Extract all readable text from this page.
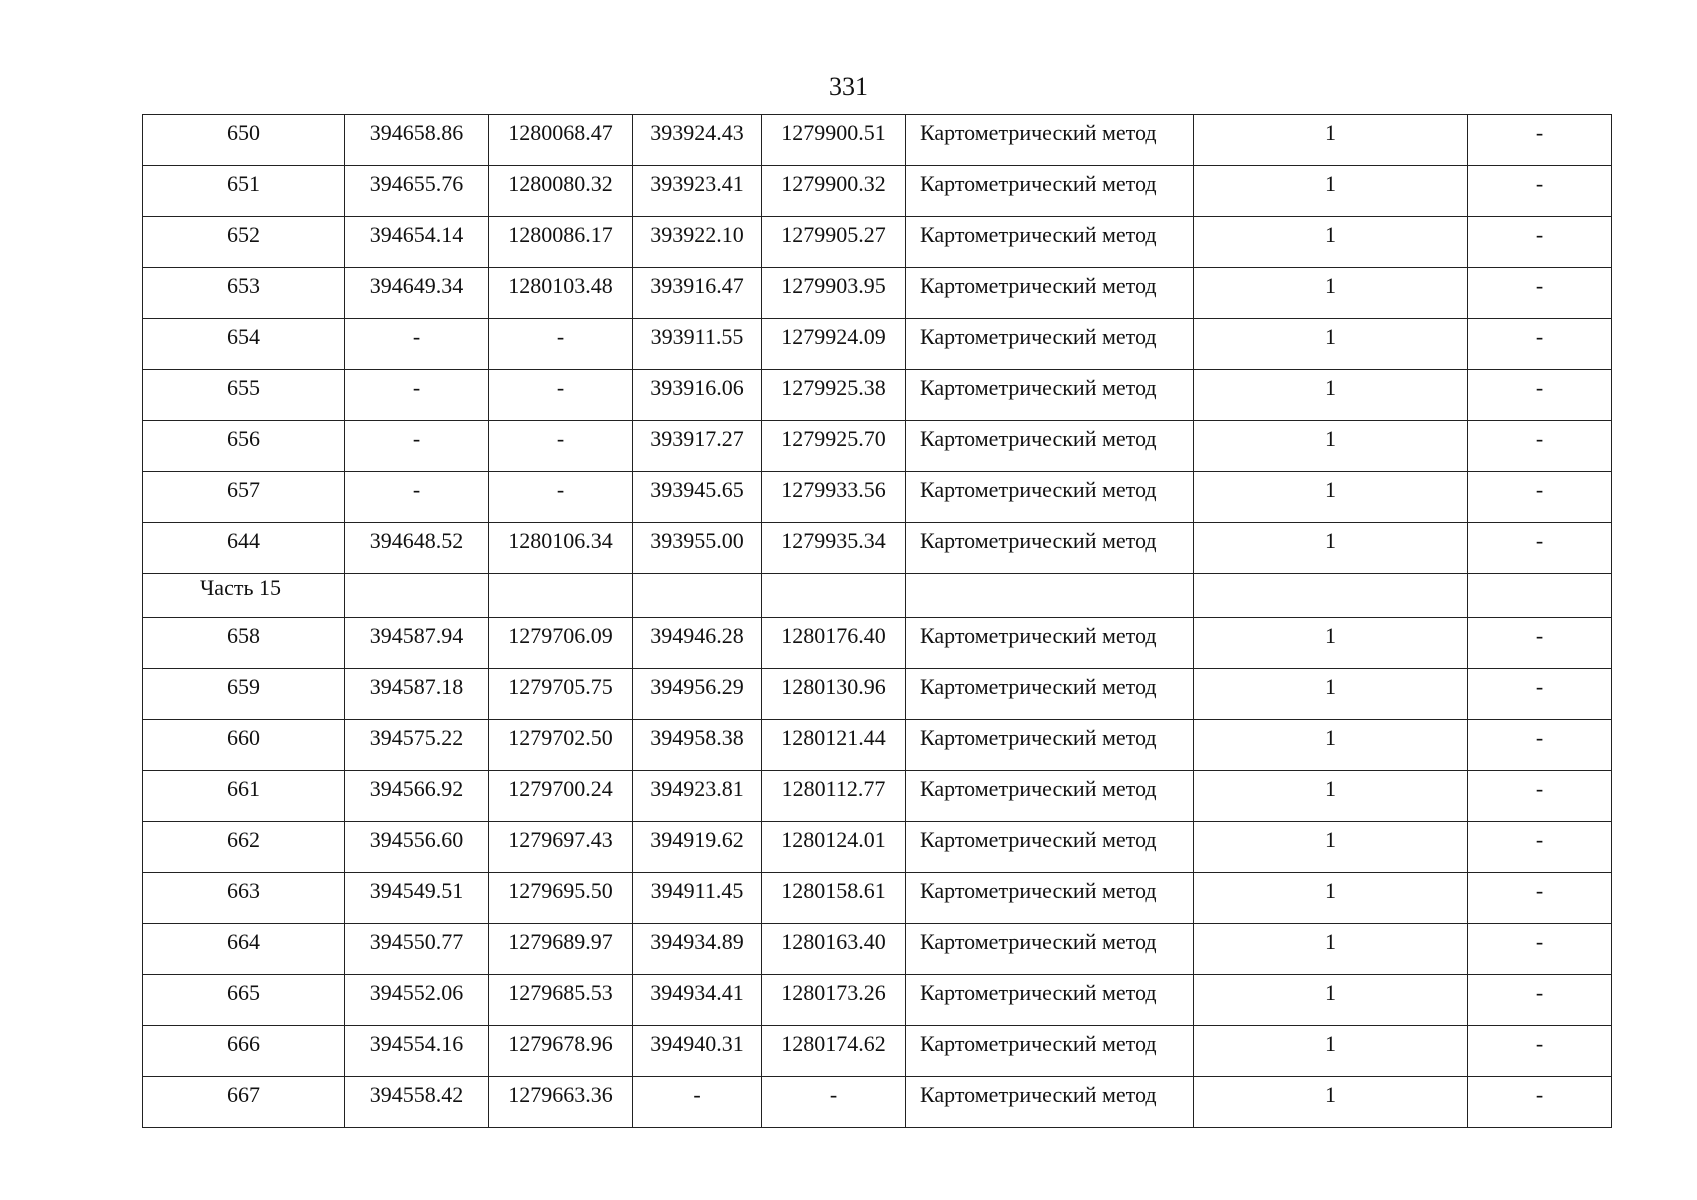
331
650	394658.86	1280068.47	393924.43	1279900.51	Картометрический метод	1	-
651	394655.76	1280080.32	393923.41	1279900.32	Картометрический метод	1	-
652	394654.14	1280086.17	393922.10	1279905.27	Картометрический метод	1	-
653	394649.34	1280103.48	393916.47	1279903.95	Картометрический метод	1	-
654	-	-	393911.55	1279924.09	Картометрический метод	1	-
655	-	-	393916.06	1279925.38	Картометрический метод	1	-
656	-	-	393917.27	1279925.70	Картометрический метод	1	-
657	-	-	393945.65	1279933.56	Картометрический метод	1	-
644	394648.52	1280106.34	393955.00	1279935.34	Картометрический метод	1	-
Часть 15							
658	394587.94	1279706.09	394946.28	1280176.40	Картометрический метод	1	-
659	394587.18	1279705.75	394956.29	1280130.96	Картометрический метод	1	-
660	394575.22	1279702.50	394958.38	1280121.44	Картометрический метод	1	-
661	394566.92	1279700.24	394923.81	1280112.77	Картометрический метод	1	-
662	394556.60	1279697.43	394919.62	1280124.01	Картометрический метод	1	-
663	394549.51	1279695.50	394911.45	1280158.61	Картометрический метод	1	-
664	394550.77	1279689.97	394934.89	1280163.40	Картометрический метод	1	-
665	394552.06	1279685.53	394934.41	1280173.26	Картометрический метод	1	-
666	394554.16	1279678.96	394940.31	1280174.62	Картометрический метод	1	-
667	394558.42	1279663.36	-	-	Картометрический метод	1	-
